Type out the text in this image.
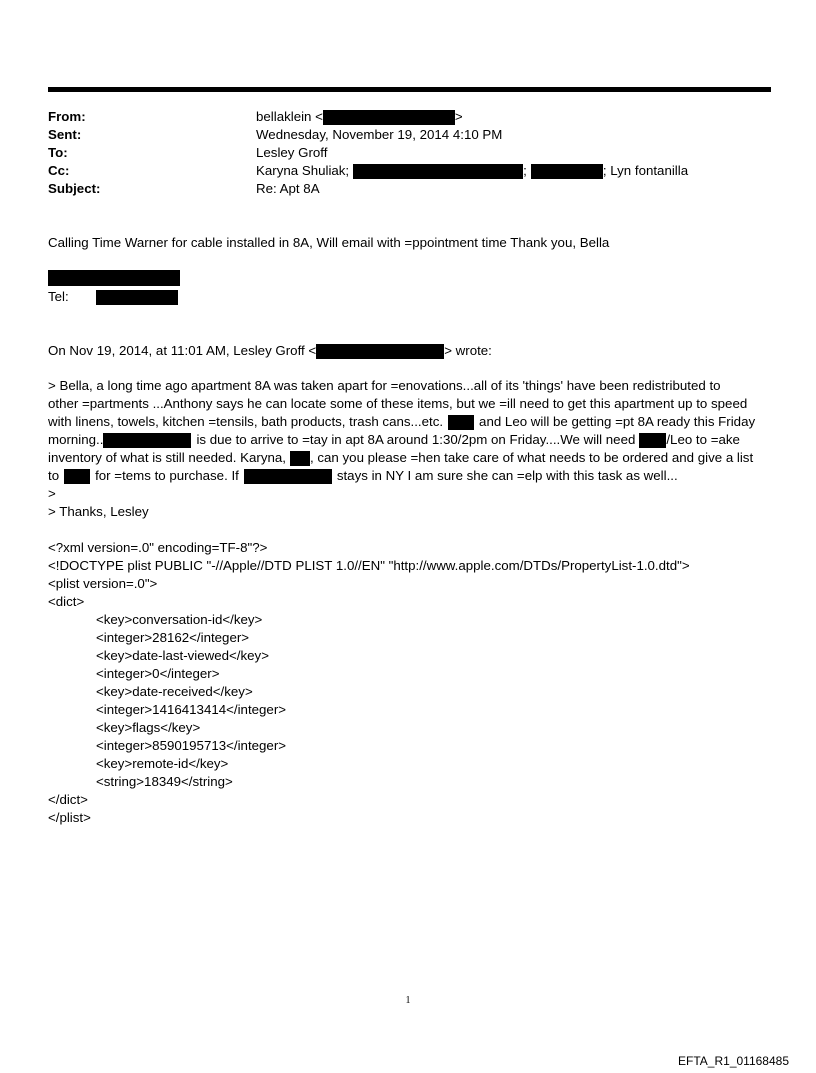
From:	bellaklein <	>
Sent:	Wednesday, November 19, 2014 4:10 PM
To:	Lesley Groff
Cc:	Karyna Shuliak;	;	; Lyn fontanilla
Subject:	Re: Apt 8A
Calling Time Warner for cable installed in 8A, Will email with =ppointment time Thank you, Bella
Tel:
On Nov 19, 2014, at 11:01 AM, Lesley Groff <	> wrote:
> Bella, a long time ago apartment 8A was taken apart for =enovations...all of its 'things' have been redistributed to
other =partments ...Anthony says he can locate some of these items, but we =ill need to get this apartment up to speed
with linens, towels, kitchen =tensils, bath products, trash cans...etc.	and Leo will be getting =pt 8A ready this Friday
morning..	is due to arrive to =tay in apt 8A around 1:30/2pm on Friday....We will need /Leo to =ake
inventory of what is still needed. Karyna, , can you please =hen take care of what needs to be ordered and give a list
to	for =tems to purchase. If	stays in NY I am sure she can =elp with this task as well...
>
> Thanks, Lesley
<?xml version=.0" encoding=TF-8"?>
<!DOCTYPE plist PUBLIC "-//Apple//DTD PLIST 1.0//EN" "http://www.apple.com/DTDs/PropertyList-1.0.dtd">
<plist version=.0">
<dict>
<key>conversation-id</key>
<integer>28162</integer>
<key>date-last-viewed</key>
<integer>0</integer>
<key>date-received</key>
<integer>1416413414</integer>
<key>flags</key>
<integer>8590195713</integer>
<key>remote-id</key>
<string>18349</string>
</dict>
</plist>
1
EFTA_R1_01168485
